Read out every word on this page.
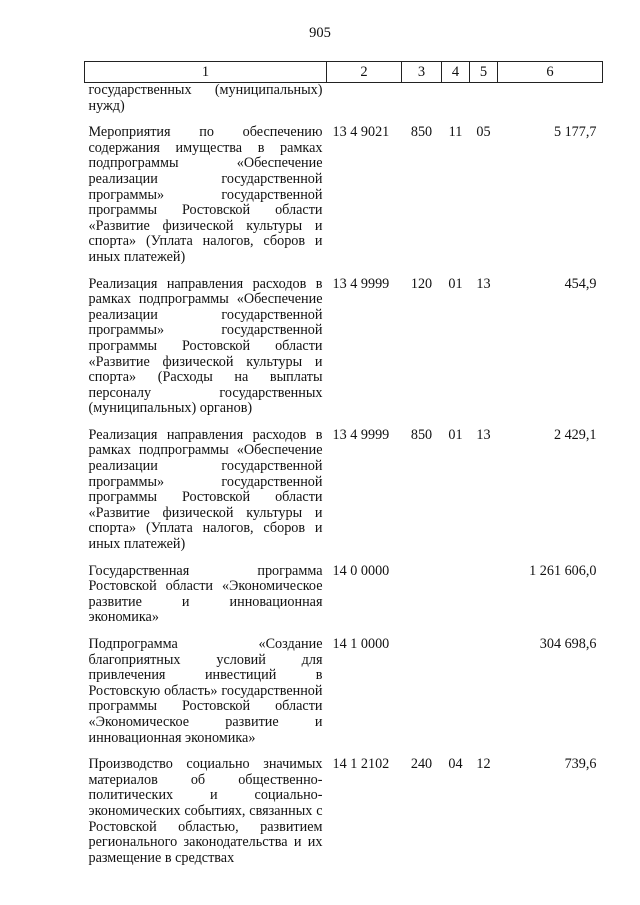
905
1	2	3	4	5	6
государственных (муниципальных) нужд)					
Мероприятия по обеспечению содержания имущества в рамках подпрограммы «Обеспечение реализации государственной программы» государственной программы Ростовской области «Развитие физической культуры и спорта» (Уплата налогов, сборов и иных платежей)	13 4 9021	850	11	05	5 177,7
Реализация направления расходов в рамках подпрограммы «Обеспечение реализации государственной программы» государственной программы Ростовской области «Развитие физической культуры и спорта» (Расходы на выплаты персоналу государственных (муниципальных) органов)	13 4 9999	120	01	13	454,9
Реализация направления расходов в рамках подпрограммы «Обеспечение реализации государственной программы» государственной программы Ростовской области «Развитие физической культуры и спорта» (Уплата налогов, сборов и иных платежей)	13 4 9999	850	01	13	2 429,1
Государственная программа Ростовской области «Экономическое развитие и инновационная экономика»	14 0 0000				1 261 606,0
Подпрограмма «Создание благоприятных условий для привлечения инвестиций в Ростовскую область» государственной программы Ростовской области «Экономическое развитие и инновационная экономика»	14 1 0000				304 698,6
Производство социально значимых материалов об общественно-политических и социально-экономических событиях, связанных с Ростовской областью, развитием регионального законодательства и их размещение в средствах	14 1 2102	240	04	12	739,6
